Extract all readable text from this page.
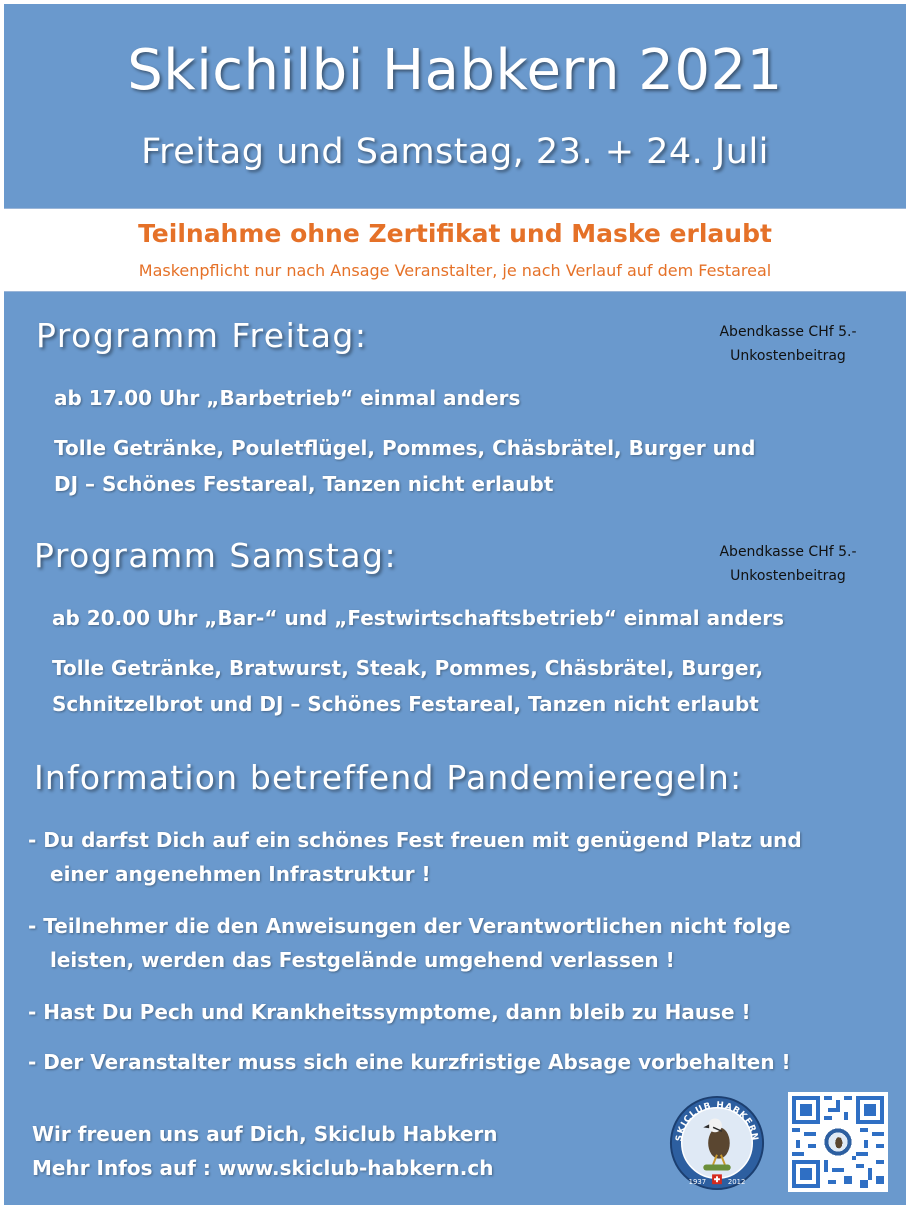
Skichilbi Habkern 2021
Freitag und Samstag, 23. + 24. Juli
Teilnahme ohne Zertifikat und Maske erlaubt
Maskenpflicht nur nach Ansage Veranstalter, je nach Verlauf auf dem Festareal
Programm Freitag:	Abendkasse CHf 5.-
Unkostenbeitrag
ab 17.00 Uhr „Barbetrieb“ einmal anders
Tolle Getränke, Pouletflügel, Pommes, Chäsbrätel, Burger und
DJ – Schönes Festareal, Tanzen nicht erlaubt
Programm Samstag:	Abendkasse CHf 5.-
Unkostenbeitrag
ab 20.00 Uhr „Bar-“ und „Festwirtschaftsbetrieb“ einmal anders
Tolle Getränke, Bratwurst, Steak, Pommes, Chäsbrätel, Burger,
Schnitzelbrot und DJ – Schönes Festareal, Tanzen nicht erlaubt
Information betreffend Pandemieregeln:
- Du darfst Dich auf ein schönes Fest freuen mit genügend Platz und
einer angenehmen Infrastruktur !
- Teilnehmer die den Anweisungen der Verantwortlichen nicht folge
leisten, werden das Festgelände umgehend verlassen !
- Hast Du Pech und Krankheitssymptome, dann bleib zu Hause !
- Der Veranstalter muss sich eine kurzfristige Absage vorbehalten !
Wir freuen uns auf Dich, Skiclub Habkern
Mehr Infos auf : www.skiclub-habkern.ch
SKICLUB HABKERN
1937	2012
